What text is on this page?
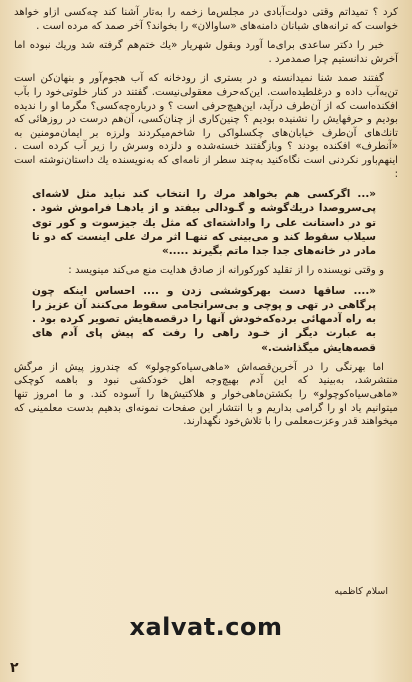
کرد ؟ تمیداتم وقتی دولت‌آبادی در مجلس‌ما زخمه را به‌تار آشنا کند چه‌کسی ازاو خواهد خواست که ترانه‌های شبانان دامنه‌های «ساوالان» را بخواند؟ آخر صمد که مرده است .

خبر را دکتر ساعدی برای‌ما آورد وبقول شهریار «یك ختم‌هم گرفته شد و‌ریك نبوده اما آخرش ندانستیم چرا صمدمرد .

گفتند صمد شنا نمیدانسته و در بستری از رودخانه که آب هجوم‌آور و بنهان‌کن است تن‌به‌آب داده و درغلطیده‌است. این‌که‌حرف معقولی‌نیست. گفتند در کنار خلوتی‌خود را بآب افکنده‌است که از آن‌طرف درآید، این‌هیچ‌حرفی است ؟ و درباره‌چه‌کسی؟ مگرما او را ندیده بودیم و حرفهایش را نشنیده بودیم ؟ چنین‌کاری از چنان‌کسی، آن‌هم درست در روزهائی که تانك‌های آن‌طرف خیابان‌های چکسلواکی را شاخم‌میکردند ولرزه بر ایمان‌مومنین به «آنطرف» افکنده بودند ؟ وبازگفتند خسته‌شده و دلزده وسرش را زیر آب کرده است . اینهم‌باور نکردنی است نگاه‌کنید به‌چند سطر از نامه‌ای که به‌نویسنده یك داستان‌نوشته است :

«... اگرکسی هم بخواهد مرك را انتخاب کند نباید مثل لاشه‌ای پی‌سروصدا دریك‌گوشه و گـودالی بیفتد و از یادهـا فراموش شود . تو در داستانت علی را واداشته‌ای که مثل یك جیزسوت و کور توی سیلاب سقوط کند و می‌بینی که تنهـا اثر مرك علی اینست که دو تا مادر در خانه‌های جدا جدا ماتم بگیرند .....»

و وقتی نویسنده را از تقلید کورکورانه از صادق هدایت منع می‌کند مینویسد :

«.... ساقها دست بهرکوششی زدن و .... احساس اینکه چون پرگاهی در تهی و پوچی و بی‌سرانجامی سقوط می‌کنند آن عزیز را به راه آدمهائی برده‌که‌خودش آنها را درقصه‌هایش تصویر کرده بود . به عبارت دیگر از خـود راهی را رفت که پیش پای آدم های قصه‌هایش میگذاشت.»

اما بهرنگی را در آخرین‌قصه‌اش «ماهی‌سیاه‌کوچولو» که چندروز پیش از مرگش منتشرشد، به‌بینید که این آدم بهیچ‌وجه اهل خودکشی نبود و باهمه کوچکی «ماهی‌سیاه‌کوچولو» را بکشتن‌ماهی‌خوار و هلاکتیش‌ها را آسوده کند. و ما امروز تنها میتوانیم یاد او را گرامی بداریم و با انتشار این صفحات نمونه‌ای بدهیم بدست معلمینی که میخواهند قدر وعزت‌معلمی را با تلاش‌خود نگهدارند.

اسلام کاظمیه
xalvat.com
۲
